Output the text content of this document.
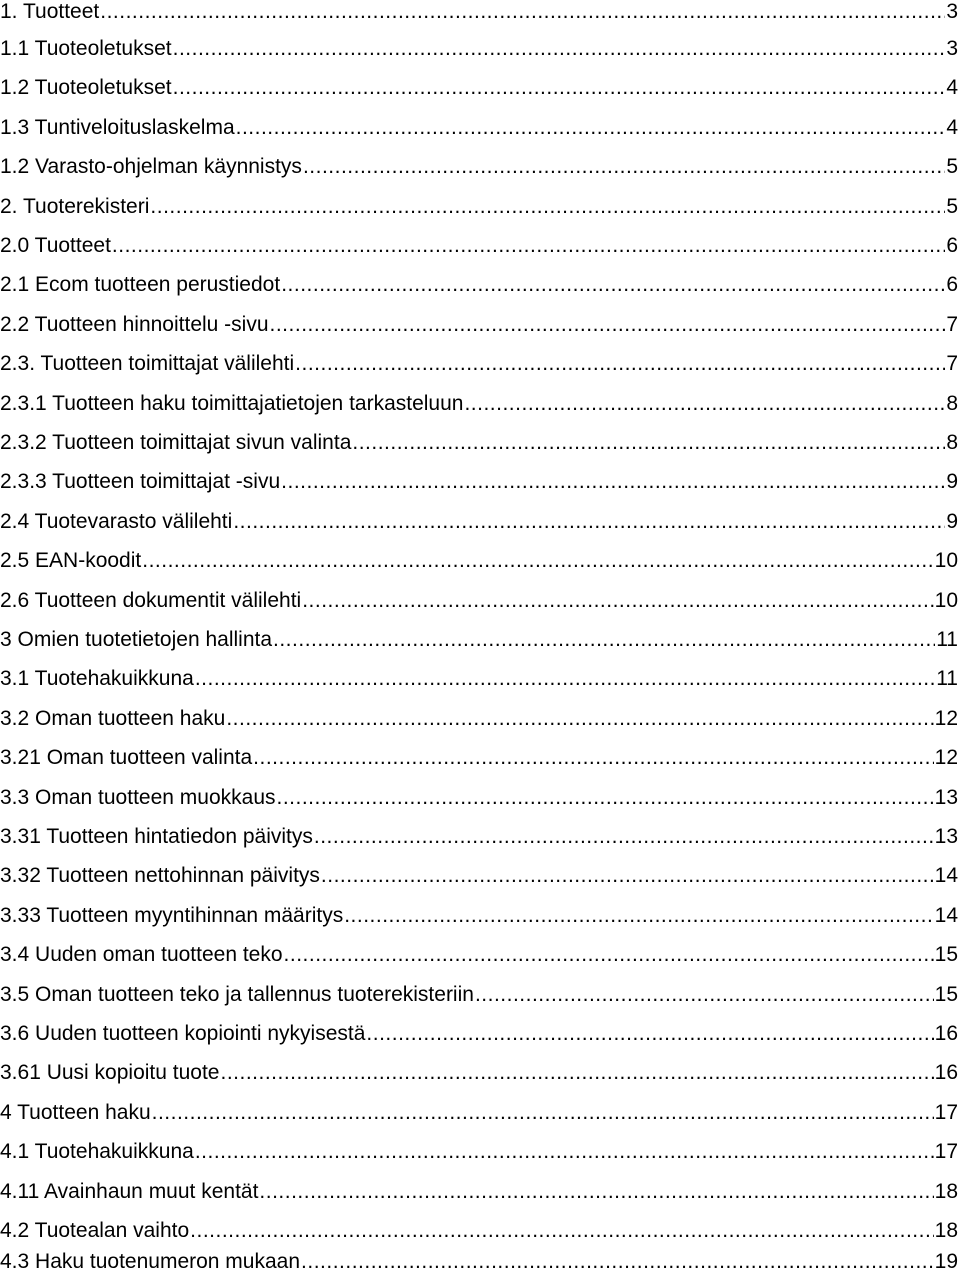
1. Tuotteet .....	3
1.1 Tuoteoletukset .....	3
1.2 Tuoteoletukset .....	4
1.3 Tuntiveloituslaskelma .....	4
1.2 Varasto-ohjelman käynnistys .....	5
2. Tuoterekisteri .....	5
2.0 Tuotteet .....	6
2.1 Ecom tuotteen perustiedot .....	6
2.2 Tuotteen hinnoittelu -sivu .....	7
2.3. Tuotteen toimittajat välilehti .....	7
2.3.1 Tuotteen haku toimittajatietojen tarkasteluun .....	8
2.3.2 Tuotteen toimittajat sivun valinta .....	8
2.3.3 Tuotteen toimittajat -sivu .....	9
2.4 Tuotevarasto välilehti .....	9
2.5 EAN-koodit .....	10
2.6 Tuotteen dokumentit välilehti .....	10
3 Omien tuotetietojen hallinta .....	11
3.1 Tuotehakuikkuna .....	11
3.2 Oman tuotteen haku .....	12
3.21 Oman tuotteen valinta .....	12
3.3 Oman tuotteen muokkaus .....	13
3.31 Tuotteen hintatiedon päivitys .....	13
3.32 Tuotteen nettohinnan päivitys .....	14
3.33 Tuotteen myyntihinnan määritys .....	14
3.4 Uuden oman tuotteen teko .....	15
3.5 Oman tuotteen teko ja tallennus tuoterekisteriin .....	15
3.6 Uuden tuotteen kopiointi nykyisestä .....	16
3.61 Uusi kopioitu tuote .....	16
4 Tuotteen haku .....	17
4.1 Tuotehakuikkuna .....	17
4.11 Avainhaun muut kentät .....	18
4.2 Tuotealan vaihto .....	18
4.3 Haku tuotenumeron mukaan .....	19
